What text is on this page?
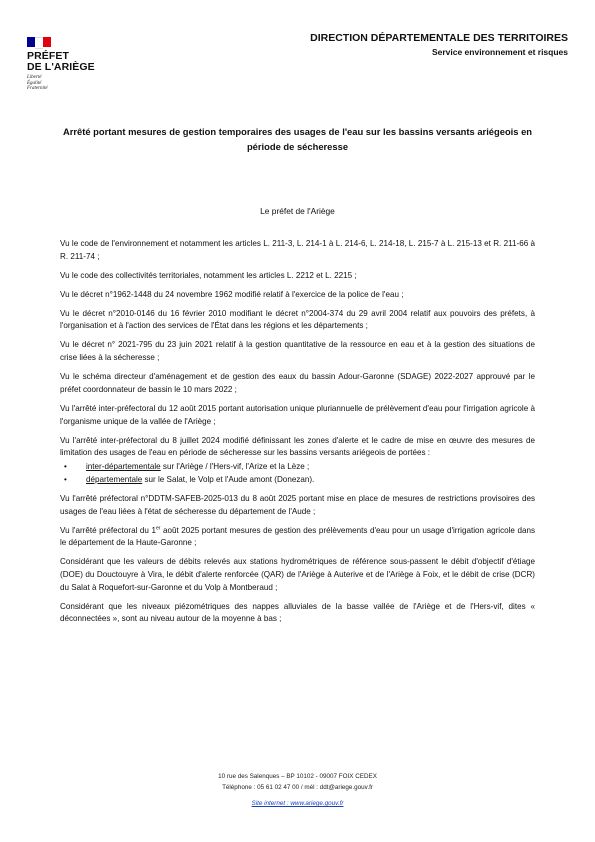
PRÉFET
DE L'ARIÈGE
Liberté
Égalité
Fraternité
DIRECTION DÉPARTEMENTALE DES TERRITOIRES
Service environnement et risques
Arrêté portant mesures de gestion temporaires des usages de l'eau sur les bassins versants ariégeois en période de sécheresse
Le préfet de l'Ariège

Vu le code de l'environnement et notamment les articles L. 211-3, L. 214-1 à L. 214-6, L. 214-18, L. 215-7 à L. 215-13 et R. 211-66 à R. 211-74 ;

Vu le code des collectivités territoriales, notamment les articles L. 2212 et L. 2215 ;

Vu le décret n°1962-1448 du 24 novembre 1962 modifié relatif à l'exercice de la police de l'eau ;

Vu le décret n°2010-0146 du 16 février 2010 modifiant le décret n°2004-374 du 29 avril 2004 relatif aux pouvoirs des préfets, à l'organisation et à l'action des services de l'État dans les régions et les départements ;

Vu le décret n° 2021-795 du 23 juin 2021 relatif à la gestion quantitative de la ressource en eau et à la gestion des situations de crise liées à la sécheresse ;

Vu le schéma directeur d'aménagement et de gestion des eaux du bassin Adour-Garonne (SDAGE) 2022-2027 approuvé par le préfet coordonnateur de bassin le 10 mars 2022 ;

Vu l'arrêté inter-préfectoral du 12 août 2015 portant autorisation unique pluriannuelle de prélèvement d'eau pour l'irrigation agricole à l'organisme unique de la vallée de l'Ariège ;

Vu l'arrêté inter-préfectoral du 8 juillet 2024 modifié définissant les zones d'alerte et le cadre de mise en œuvre des mesures de limitation des usages de l'eau en période de sécheresse sur les bassins versants ariégeois de portées :

• inter-départementale sur l'Ariège / l'Hers-vif, l'Arize et la Lèze ;
• départementale sur le Salat, le Volp et l'Aude amont (Donezan).

Vu l'arrêté préfectoral n°DDTM-SAFEB-2025-013 du 8 août 2025 portant mise en place de mesures de restrictions provisoires des usages de l'eau liées à l'état de sécheresse du département de l'Aude ;

Vu l'arrêté préfectoral du 1er août 2025 portant mesures de gestion des prélèvements d'eau pour un usage d'irrigation agricole dans le département de la Haute-Garonne ;

Considérant que les valeurs de débits relevés aux stations hydrométriques de référence sous-passent le débit d'objectif d'étiage (DOE) du Douctouyre à Vira, le débit d'alerte renforcée (QAR) de l'Ariège à Auterive et de l'Ariège à Foix, et le débit de crise (DCR) du Salat à Roquefort-sur-Garonne et du Volp à Montberaud ;

Considérant que les niveaux piézométriques des nappes alluviales de la basse vallée de l'Ariège et de l'Hers-vif, dites « déconnectées », sont au niveau autour de la moyenne à bas ;

10 rue des Salenques – BP 10102 - 09007 FOIX CEDEX
Téléphone : 05 61 02 47 00 / mél : ddt@ariege.gouv.fr
Site internet : www.ariege.gouv.fr
